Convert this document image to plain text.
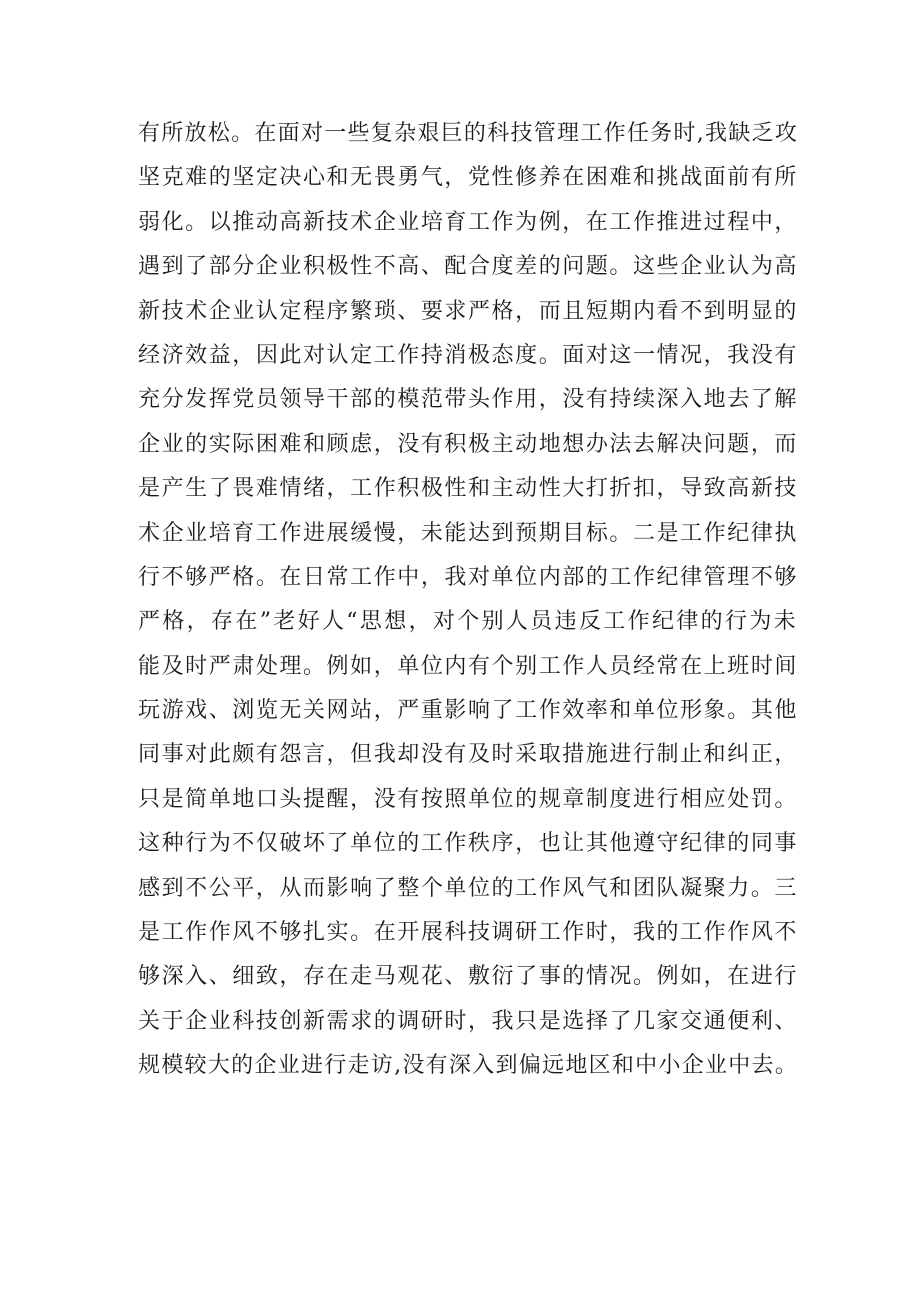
有所放松。在面对一些复杂艰巨的科技管理工作任务时,我缺乏攻
坚克难的坚定决心和无畏勇气，党性修养在困难和挑战面前有所
弱化。以推动高新技术企业培育工作为例，在工作推进过程中，
遇到了部分企业积极性不高、配合度差的问题。这些企业认为高
新技术企业认定程序繁琐、要求严格，而且短期内看不到明显的
经济效益，因此对认定工作持消极态度。面对这一情况，我没有
充分发挥党员领导干部的模范带头作用，没有持续深入地去了解
企业的实际困难和顾虑，没有积极主动地想办法去解决问题，而
是产生了畏难情绪，工作积极性和主动性大打折扣，导致高新技
术企业培育工作进展缓慢，未能达到预期目标。二是工作纪律执
行不够严格。在日常工作中，我对单位内部的工作纪律管理不够
严格，存在”老好人“思想，对个别人员违反工作纪律的行为未
能及时严肃处理。例如，单位内有个别工作人员经常在上班时间
玩游戏、浏览无关网站，严重影响了工作效率和单位形象。其他
同事对此颇有怨言，但我却没有及时采取措施进行制止和纠正，
只是简单地口头提醒，没有按照单位的规章制度进行相应处罚。
这种行为不仅破坏了单位的工作秩序，也让其他遵守纪律的同事
感到不公平，从而影响了整个单位的工作风气和团队凝聚力。三
是工作作风不够扎实。在开展科技调研工作时，我的工作作风不
够深入、细致，存在走马观花、敷衍了事的情况。例如，在进行
关于企业科技创新需求的调研时，我只是选择了几家交通便利、
规模较大的企业进行走访,没有深入到偏远地区和中小企业中去。
